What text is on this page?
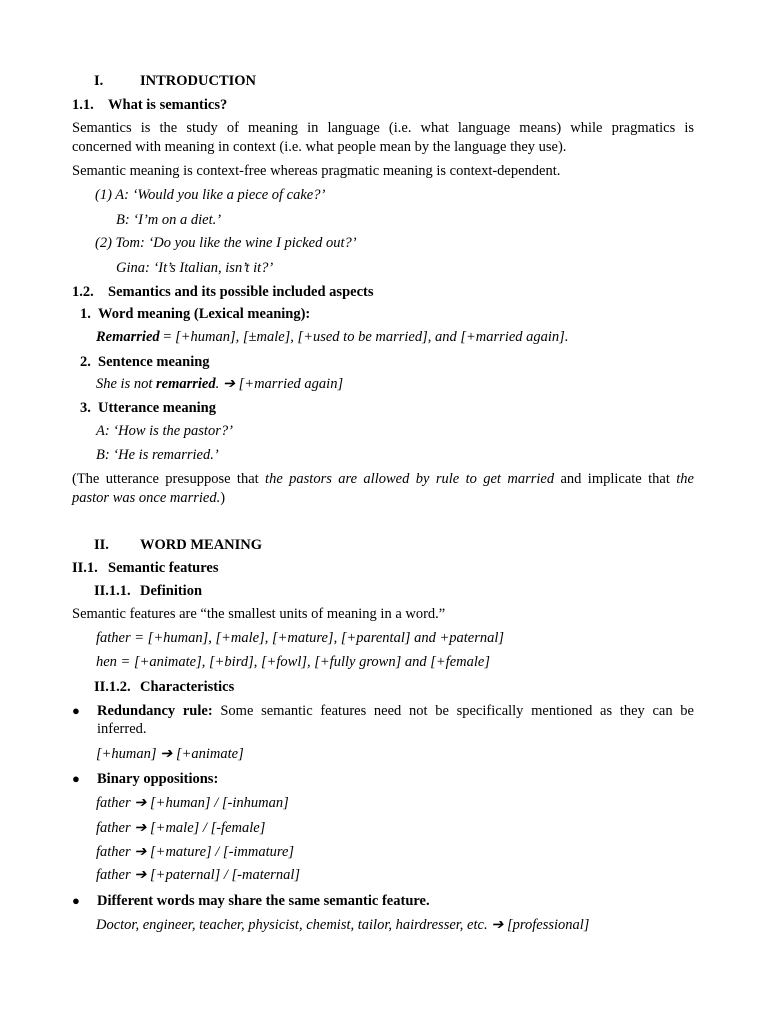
I.	INTRODUCTION
1.1. What is semantics?
Semantics is the study of meaning in language (i.e. what language means) while pragmatics is
concerned with meaning in context (i.e. what people mean by the language they use).
Semantic meaning is context-free whereas pragmatic meaning is context-dependent.
(1) A: ‘Would you like a piece of cake?’
B: ‘I’m on a diet.’
(2) Tom: ‘Do you like the wine I picked out?’
Gina: ‘It’s Italian, isn’t it?’
1.2. Semantics and its possible included aspects
1. Word meaning (Lexical meaning):
Remarried = [+human], [±male], [+used to be married], and [+married again].
2. Sentence meaning
She is not remarried. ➔ [+married again]
3. Utterance meaning
A: ‘How is the pastor?’
B: ‘He is remarried.’
(The utterance presuppose that the pastors are allowed by rule to get married and implicate that the
pastor was once married.)
II. WORD MEANING
II.1. Semantic features
II.1.1. Definition
Semantic features are “the smallest units of meaning in a word.”
father = [+human], [+male], [+mature], [+parental] and +paternal]
hen = [+animate], [+bird], [+fowl], [+fully grown] and [+female]
II.1.2. Characteristics
● Redundancy rule: Some semantic features need not be specifically mentioned as they can be
inferred.
[+human] ➔ [+animate]
● Binary oppositions:
father ➔ [+human] / [-inhuman]
father ➔ [+male] / [-female]
father ➔ [+mature] / [-immature]
father ➔ [+paternal] / [-maternal]
● Different words may share the same semantic feature.
Doctor, engineer, teacher, physicist, chemist, tailor, hairdresser, etc. ➔ [professional]
